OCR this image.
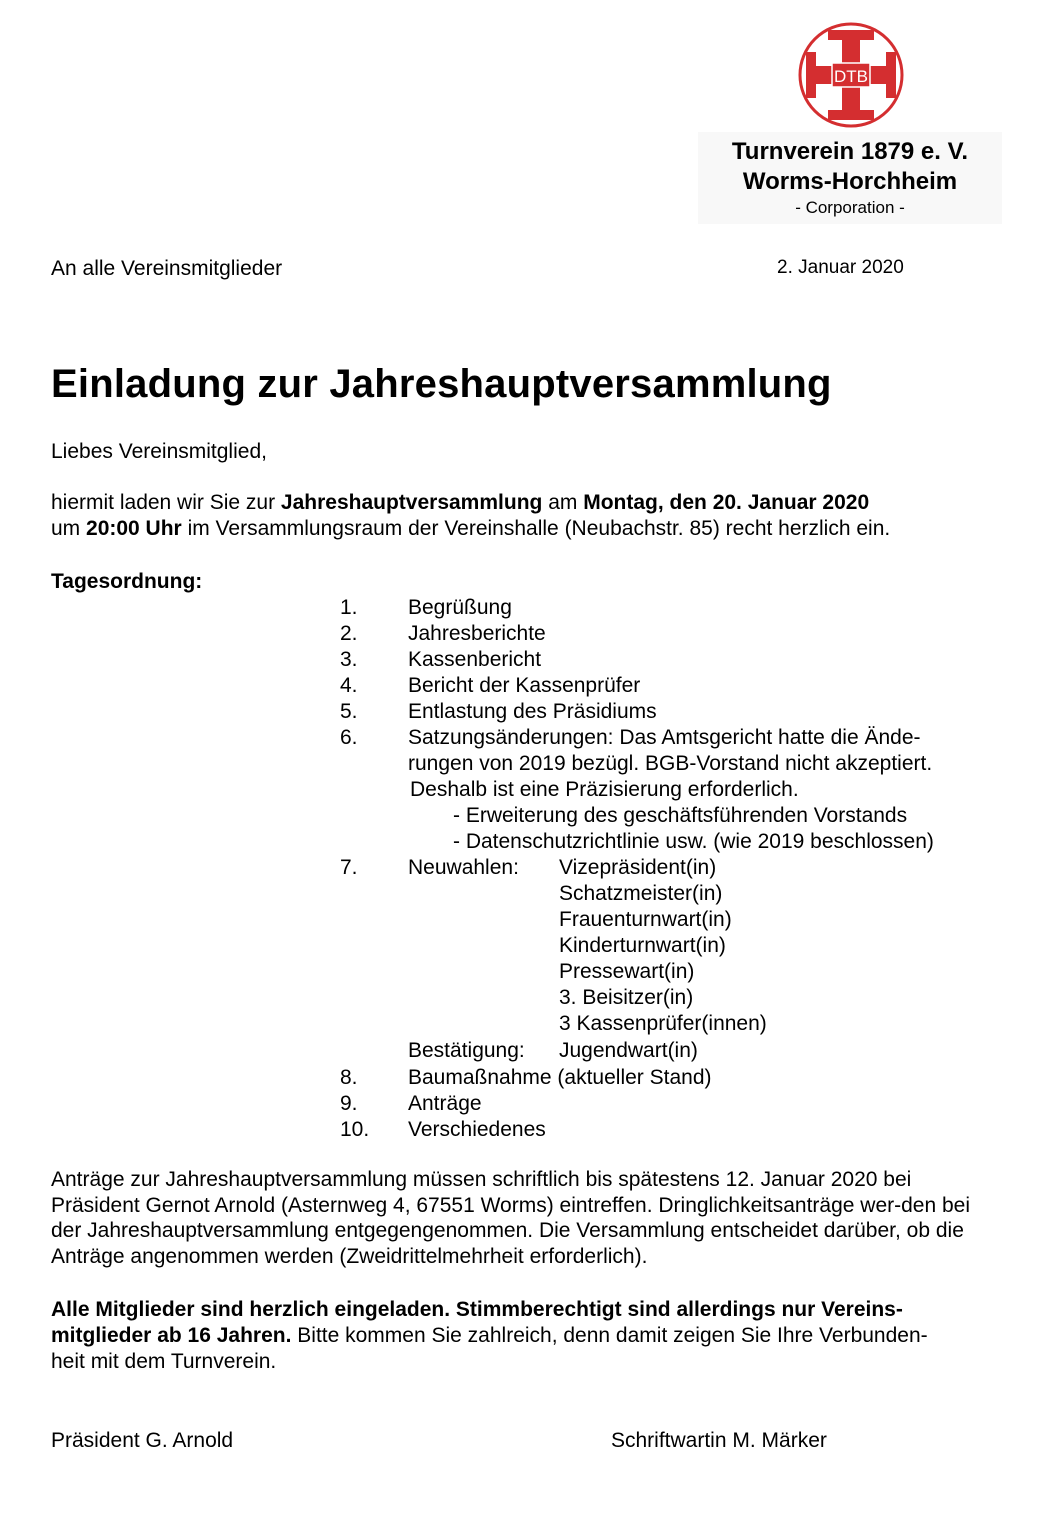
DTB
Turnverein 1879 e. V.
Worms-Horchheim
- Corporation -
An alle Vereinsmitglieder	2. Januar 2020
Einladung zur Jahreshauptversammlung
Liebes Vereinsmitglied,
hiermit laden wir Sie zur Jahreshauptversammlung am Montag, den 20. Januar 2020
um 20:00 Uhr im Versammlungsraum der Vereinshalle (Neubachstr. 85) recht herzlich ein.
Tagesordnung:
1.	Begrüßung
2.	Jahresberichte
3.	Kassenbericht
4.	Bericht der Kassenprüfer
5.	Entlastung des Präsidiums
6.	Satzungsänderungen: Das Amtsgericht hatte die Ände-
rungen von 2019 bezügl. BGB-Vorstand nicht akzeptiert.
Deshalb ist eine Präzisierung erforderlich.
- Erweiterung des geschäftsführenden Vorstands
- Datenschutzrichtlinie usw. (wie 2019 beschlossen)
7.	Neuwahlen: Vizepräsident(in)
Schatzmeister(in)
Frauenturnwart(in)
Kinderturnwart(in)
Pressewart(in)
3. Beisitzer(in)
3 Kassenprüfer(innen)
Bestätigung: Jugendwart(in)
8.	Baumaßnahme (aktueller Stand)
9.	Anträge
10.	Verschiedenes
Anträge zur Jahreshauptversammlung müssen schriftlich bis spätestens 12. Januar 2020 bei Präsident Gernot Arnold (Asternweg 4, 67551 Worms) eintreffen. Dringlichkeitsanträge wer-den bei der Jahreshauptversammlung entgegengenommen. Die Versammlung entscheidet darüber, ob die Anträge angenommen werden (Zweidrittelmehrheit erforderlich).
Alle Mitglieder sind herzlich eingeladen. Stimmberechtigt sind allerdings nur Vereins-
mitglieder ab 16 Jahren. Bitte kommen Sie zahlreich, denn damit zeigen Sie Ihre Verbunden-
heit mit dem Turnverein.
Präsident G. Arnold	Schriftwartin M. Märker
